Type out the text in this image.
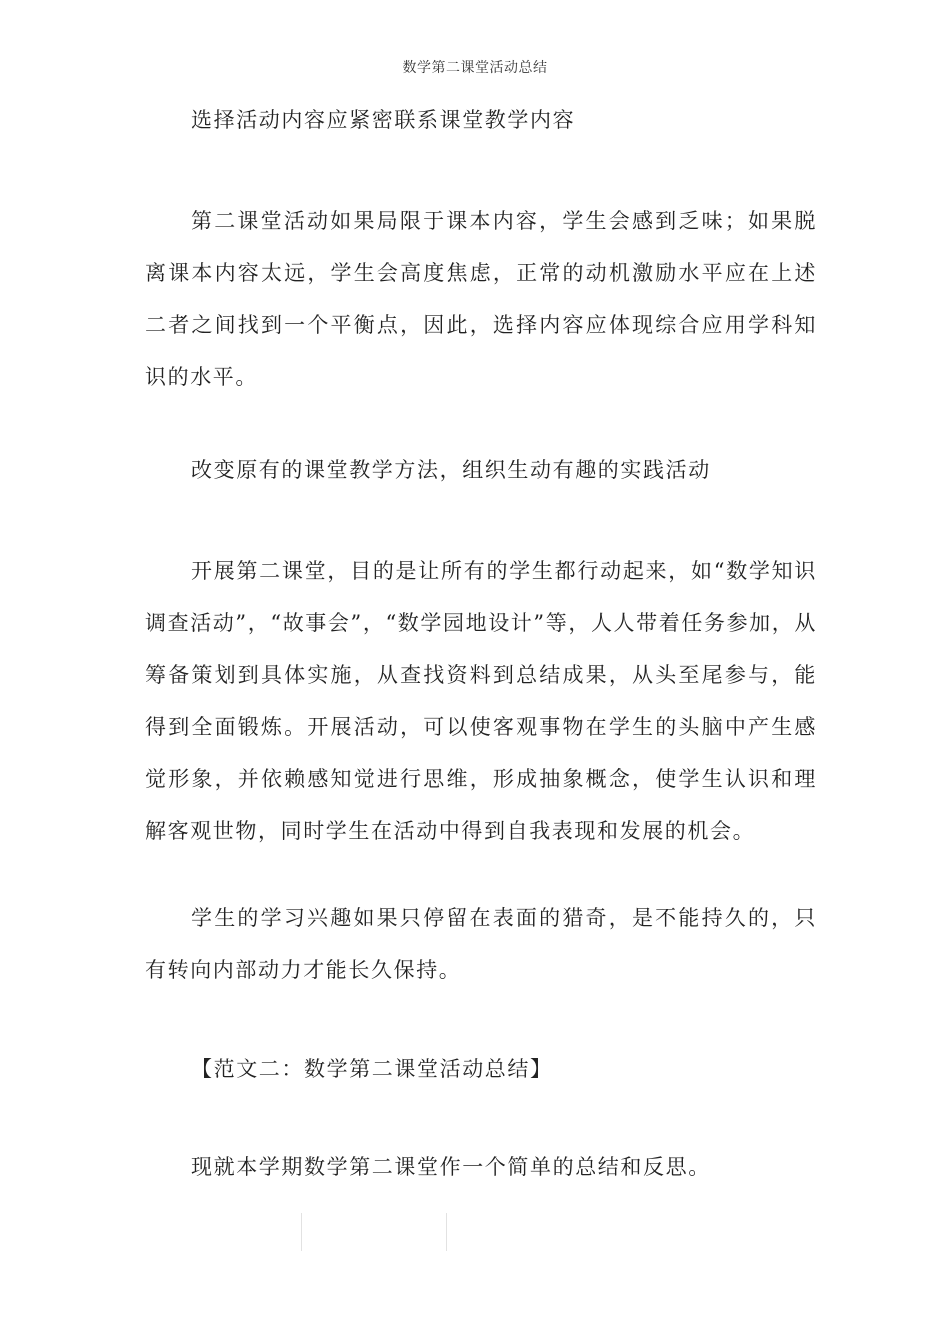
数学第二课堂活动总结

选择活动内容应紧密联系课堂教学内容

第二课堂活动如果局限于课本内容，学生会感到乏味；如果脱离课本内容太远，学生会高度焦虑，正常的动机激励水平应在上述二者之间找到一个平衡点，因此，选择内容应体现综合应用学科知识的水平。

改变原有的课堂教学方法，组织生动有趣的实践活动

开展第二课堂，目的是让所有的学生都行动起来，如“数学知识调查活动”，“故事会”，“数学园地设计”等，人人带着任务参加，从筹备策划到具体实施，从查找资料到总结成果，从头至尾参与，能得到全面锻炼。开展活动，可以使客观事物在学生的头脑中产生感觉形象，并依赖感知觉进行思维，形成抽象概念，使学生认识和理解客观世物，同时学生在活动中得到自我表现和发展的机会。

学生的学习兴趣如果只停留在表面的猎奇，是不能持久的，只有转向内部动力才能长久保持。

【范文二：数学第二课堂活动总结】

现就本学期数学第二课堂作一个简单的总结和反思。
